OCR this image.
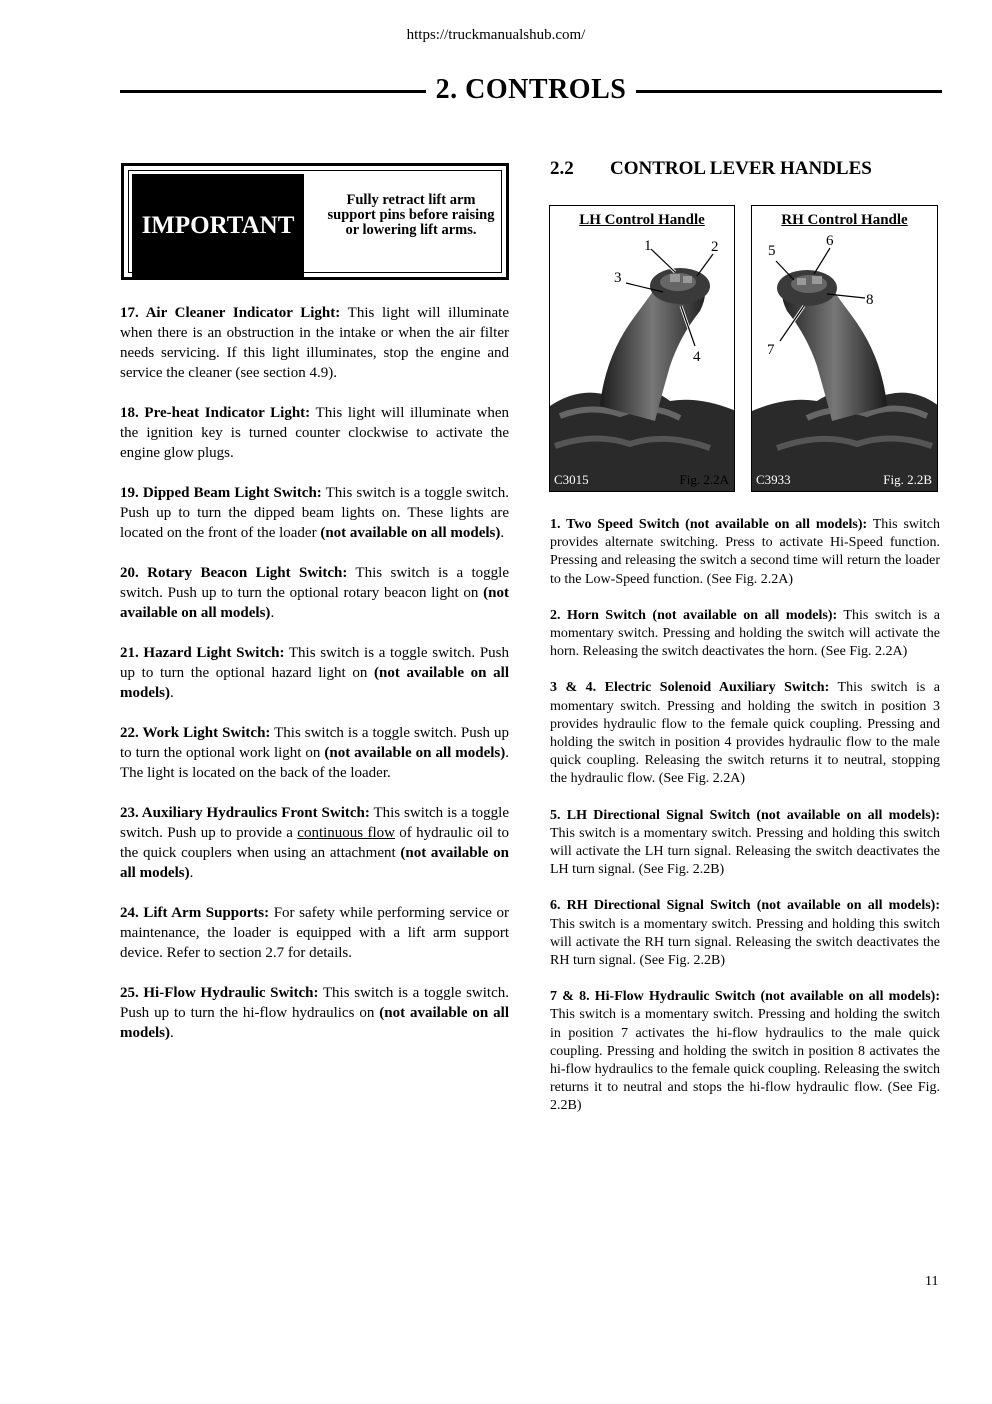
https://truckmanualshub.com/
2. CONTROLS
IMPORTANT
Fully retract lift arm support pins before raising or lowering lift arms.

17. Air Cleaner Indicator Light: This light will illuminate when there is an obstruction in the intake or when the air filter needs servicing. If this light illuminates, stop the engine and service the cleaner (see section 4.9).

18. Pre-heat Indicator Light: This light will illuminate when the ignition key is turned counter clockwise to activate the engine glow plugs.

19. Dipped Beam Light Switch: This switch is a toggle switch. Push up to turn the dipped beam lights on. These lights are located on the front of the loader (not available on all models).

20. Rotary Beacon Light Switch: This switch is a toggle switch. Push up to turn the optional rotary beacon light on (not available on all models).

21. Hazard Light Switch: This switch is a toggle switch. Push up to turn the optional hazard light on (not available on all models).

22. Work Light Switch: This switch is a toggle switch. Push up to turn the optional work light on (not available on all models). The light is located on the back of the loader.

23. Auxiliary Hydraulics Front Switch: This switch is a toggle switch. Push up to provide a continuous flow of hydraulic oil to the quick couplers when using an attachment (not available on all models).

24. Lift Arm Supports: For safety while performing service or maintenance, the loader is equipped with a lift arm support device. Refer to section 2.7 for details.

25. Hi-Flow Hydraulic Switch: This switch is a toggle switch. Push up to turn the hi-flow hydraulics on (not available on all models).

2.2 CONTROL LEVER HANDLES
LH Control Handle
1	2
3
4
C3015	Fig. 2.2A
RH Control Handle
5
6
7
8
C3933	Fig. 2.2B

1. Two Speed Switch (not available on all models): This switch provides alternate switching. Press to activate Hi-Speed function. Pressing and releasing the switch a second time will return the loader to the Low-Speed function. (See Fig. 2.2A)

2. Horn Switch (not available on all models): This switch is a momentary switch. Pressing and holding the switch will activate the horn. Releasing the switch deactivates the horn. (See Fig. 2.2A)

3 & 4. Electric Solenoid Auxiliary Switch: This switch is a momentary switch. Pressing and holding the switch in position 3 provides hydraulic flow to the female quick coupling. Pressing and holding the switch in position 4 provides hydraulic flow to the male quick coupling. Releasing the switch returns it to neutral, stopping the hydraulic flow. (See Fig. 2.2A)

5. LH Directional Signal Switch (not available on all models): This switch is a momentary switch. Pressing and holding this switch will activate the LH turn signal. Releasing the switch deactivates the LH turn signal. (See Fig. 2.2B)

6. RH Directional Signal Switch (not available on all models): This switch is a momentary switch. Pressing and holding this switch will activate the RH turn signal. Releasing the switch deactivates the RH turn signal. (See Fig. 2.2B)

7 & 8. Hi-Flow Hydraulic Switch (not available on all models): This switch is a momentary switch. Pressing and holding the switch in position 7 activates the hi-flow hydraulics to the male quick coupling. Pressing and holding the switch in position 8 activates the hi-flow hydraulics to the female quick coupling. Releasing the switch returns it to neutral and stops the hi-flow hydraulic flow. (See Fig. 2.2B)

11
